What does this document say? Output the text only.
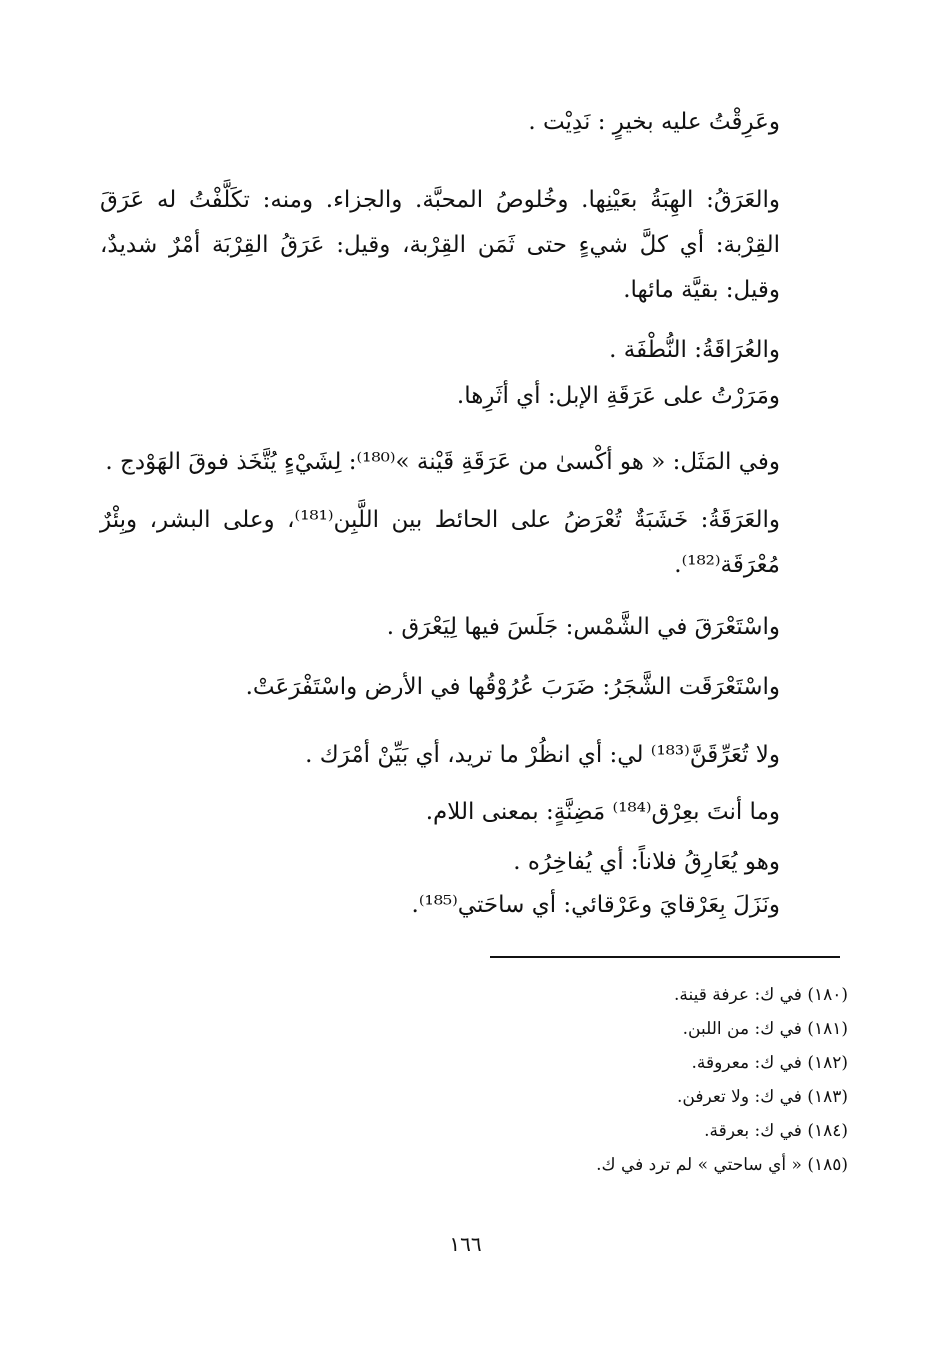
وعَرِقْتُ عليه بخيرٍ : نَدِيْت .
والعَرَقُ: الهِبَةُ بعَيْنِها. وخُلوصُ المحبَّة. والجزاء. ومنه: تكَلَّفْتُ له عَرَقَ القِرْبة: أي كلَّ شيءٍ حتى ثَمَن القِرْبة، وقيل: عَرَقُ القِرْبَة أمْرٌ شديدٌ، وقيل: بقيَّة مائها.
والعُرَاقَةُ: النُّطْفَة .
ومَرَرْتُ على عَرَقَةِ الإبل: أي أثَرِها.
وفي المَثَل: « هو أكْسىٰ من عَرَقَةِ قَيْنة »⁽¹⁸⁰⁾: لِشَيْءٍ يُتَّخَذ فوقَ الهَوْدج .
والعَرَقَةُ: خَشَبَةٌ تُعْرَضُ على الحائط بين اللَّبِن⁽¹⁸¹⁾، وعلى البشر، وبِئْرٌ مُعْرَقَة⁽¹⁸²⁾.
واسْتَعْرَقَ في الشَّمْس: جَلَسَ فيها لِيَعْرَق .
واسْتَعْرَقَت الشَّجَرُ: ضَرَبَ عُرُوْقُها في الأرض واسْتَفْرَعَتْ.
ولا تُعَرِّقَنَّ⁽¹⁸³⁾ لي: أي انظُرْ ما تريد، أي بَيِّنْ أمْرَك .
وما أنتَ بعِرْق⁽¹⁸⁴⁾ مَضِنَّةٍ: بمعنى اللام.
وهو يُعَارِقُ فلاناً: أي يُفاخِرُه .
ونَزَلَ بِعَرْقايَ وعَرْقائي: أي ساحَتي⁽¹⁸⁵⁾.
(١٨٠) في ك: عرفة قينة.
(١٨١) في ك: من اللبن.
(١٨٢) في ك: معروقة.
(١٨٣) في ك: ولا تعرفن.
(١٨٤) في ك: بعرقة.
(١٨٥) « أي ساحتي » لم ترد في ك.
١٦٦
